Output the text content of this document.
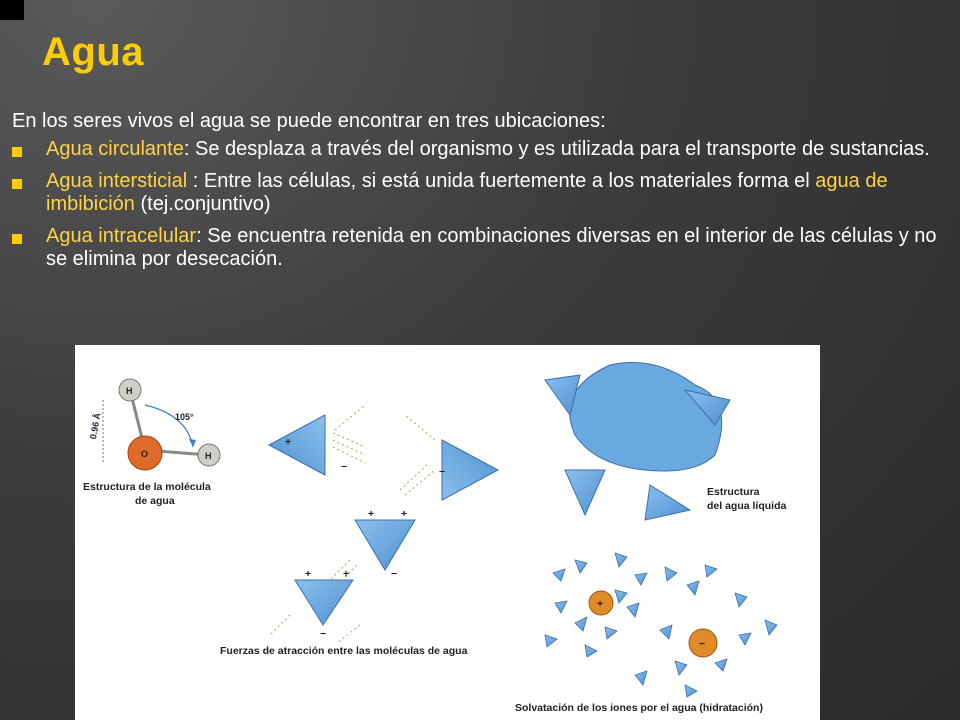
Agua
En los seres vivos el agua se puede encontrar en tres ubicaciones:
Agua circulante: Se desplaza a través del organismo y es utilizada para el transporte de sustancias.
Agua intersticial : Entre las células, si está unida fuertemente a los materiales forma el agua de imbibición (tej.conjuntivo)
Agua intracelular: Se encuentra retenida en combinaciones diversas en el interior de las células y no se elimina por desecación.
H
O	H
0.96 Å	105°
Estructura de la molécula
de agua
+
−	−
+	+
−
+	+
−
Fuerzas de atracción entre las moléculas de agua
Estructura
del agua líquida
+
−
Solvatación de los iones por el agua (hidratación)
